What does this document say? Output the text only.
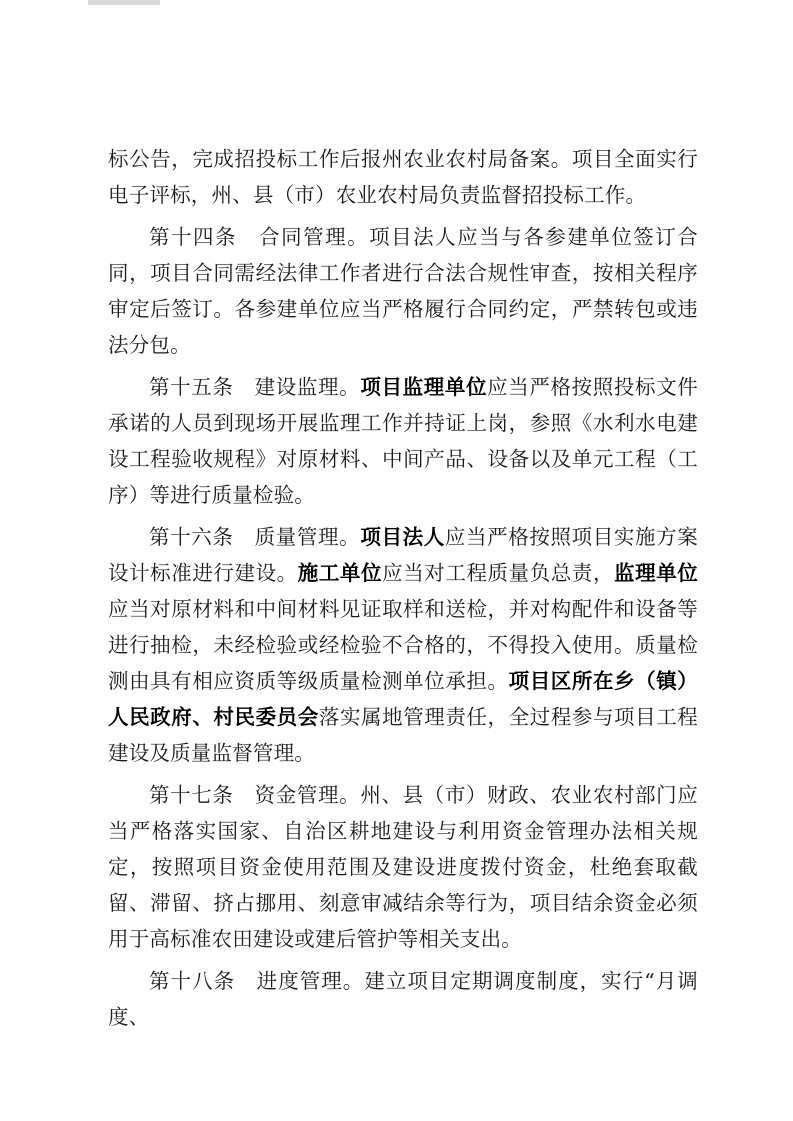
标公告，完成招投标工作后报州农业农村局备案。项目全面实行电子评标，州、县（市）农业农村局负责监督招投标工作。

第十四条　合同管理。项目法人应当与各参建单位签订合同，项目合同需经法律工作者进行合法合规性审查，按相关程序审定后签订。各参建单位应当严格履行合同约定，严禁转包或违法分包。

第十五条　建设监理。项目监理单位应当严格按照投标文件承诺的人员到现场开展监理工作并持证上岗，参照《水利水电建设工程验收规程》对原材料、中间产品、设备以及单元工程（工序）等进行质量检验。

第十六条　质量管理。项目法人应当严格按照项目实施方案设计标准进行建设。施工单位应当对工程质量负总责，监理单位应当对原材料和中间材料见证取样和送检，并对构配件和设备等进行抽检，未经检验或经检验不合格的，不得投入使用。质量检测由具有相应资质等级质量检测单位承担。项目区所在乡（镇）人民政府、村民委员会落实属地管理责任，全过程参与项目工程建设及质量监督管理。

第十七条　资金管理。州、县（市）财政、农业农村部门应当严格落实国家、自治区耕地建设与利用资金管理办法相关规定，按照项目资金使用范围及建设进度拨付资金，杜绝套取截留、滞留、挤占挪用、刻意审减结余等行为，项目结余资金必须用于高标准农田建设或建后管护等相关支出。

第十八条　进度管理。建立项目定期调度制度，实行“月调度、
